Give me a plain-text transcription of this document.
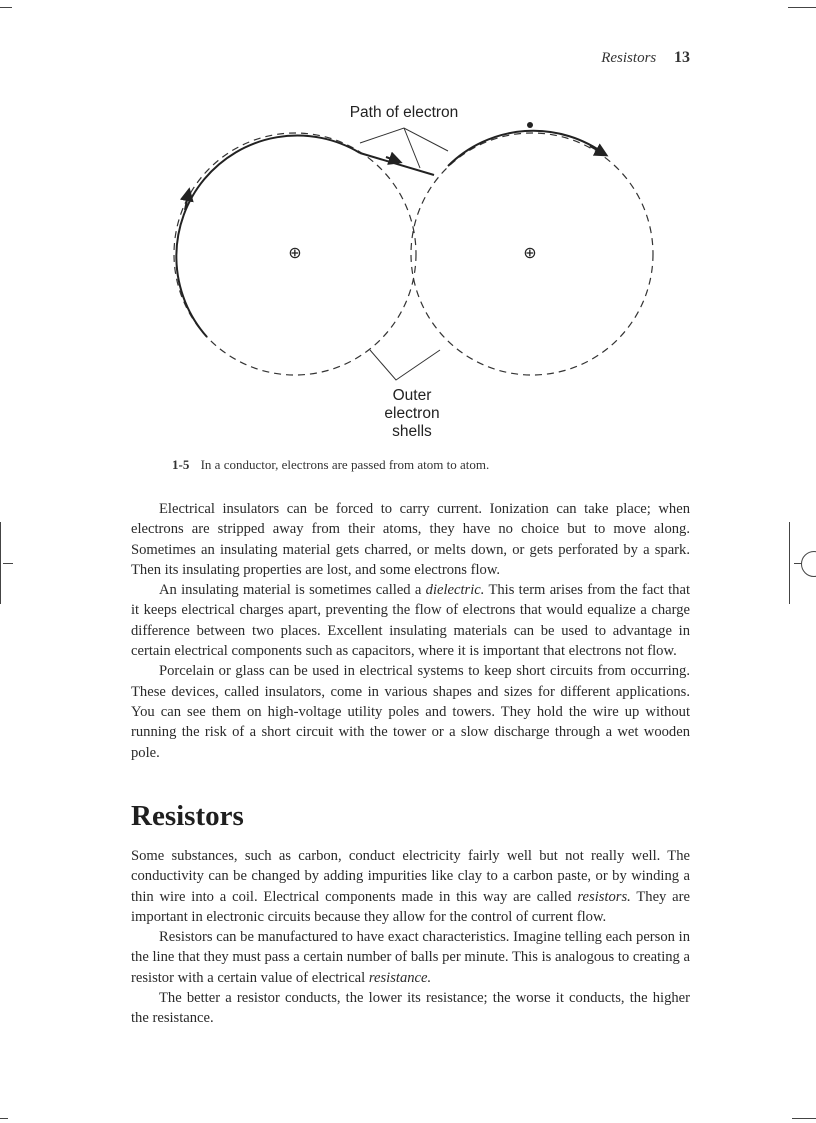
Resistors 13
⊕	⊕
Path of electron
Outer
electron
shells
1-5 In a conductor, electrons are passed from atom to atom.

Electrical insulators can be forced to carry current. Ionization can take place; when electrons are stripped away from their atoms, they have no choice but to move along. Sometimes an insulating material gets charred, or melts down, or gets perforated by a spark. Then its insulating properties are lost, and some electrons flow.

An insulating material is sometimes called a dielectric. This term arises from the fact that it keeps electrical charges apart, preventing the flow of electrons that would equalize a charge difference between two places. Excellent insulating materials can be used to advantage in certain electrical components such as capacitors, where it is important that electrons not flow.

Porcelain or glass can be used in electrical systems to keep short circuits from occurring. These devices, called insulators, come in various shapes and sizes for different applications. You can see them on high-voltage utility poles and towers. They hold the wire up without running the risk of a short circuit with the tower or a slow discharge through a wet wooden pole.

Resistors

Some substances, such as carbon, conduct electricity fairly well but not really well. The conductivity can be changed by adding impurities like clay to a carbon paste, or by winding a thin wire into a coil. Electrical components made in this way are called resistors. They are important in electronic circuits because they allow for the control of current flow.

Resistors can be manufactured to have exact characteristics. Imagine telling each person in the line that they must pass a certain number of balls per minute. This is analogous to creating a resistor with a certain value of electrical resistance.

The better a resistor conducts, the lower its resistance; the worse it conducts, the higher the resistance.
